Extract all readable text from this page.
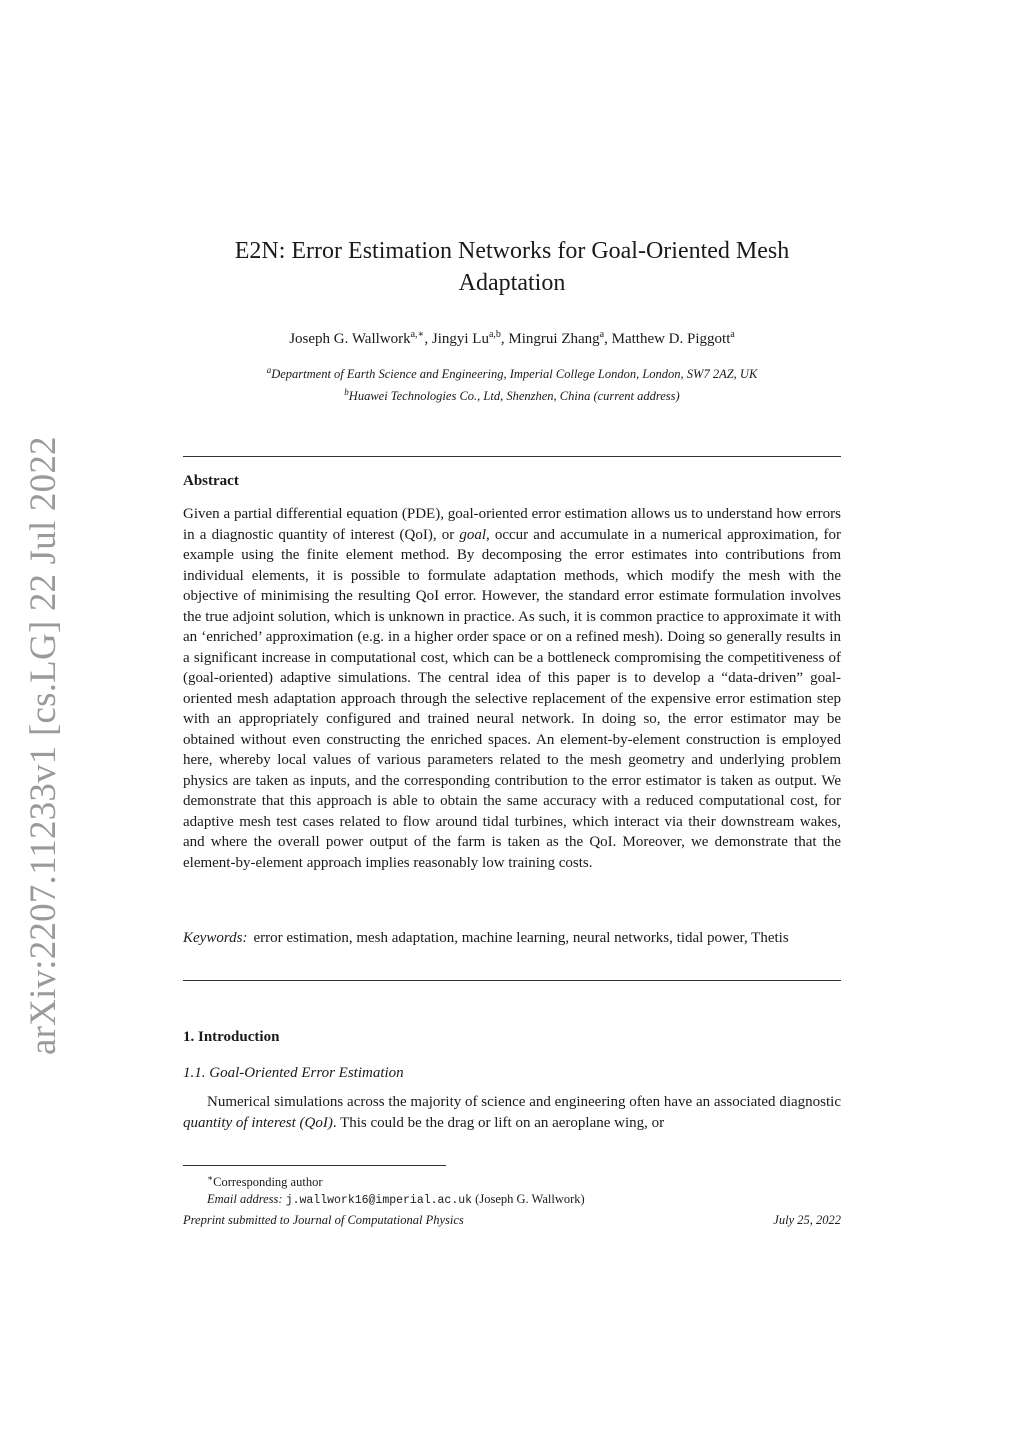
arXiv:2207.11233v1 [cs.LG] 22 Jul 2022
E2N: Error Estimation Networks for Goal-Oriented Mesh Adaptation
Joseph G. Wallwork$^{a,∗}$, Jingyi Lu$^{a,b}$, Mingrui Zhang$^a$, Matthew D. Piggott$^a$
$^a$Department of Earth Science and Engineering, Imperial College London, London, SW7 2AZ, UK
$^b$Huawei Technologies Co., Ltd, Shenzhen, China (current address)
Abstract
Given a partial differential equation (PDE), goal-oriented error estimation allows us to understand how errors in a diagnostic quantity of interest (QoI), or goal, occur and accumulate in a numerical approximation, for example using the finite element method. By decomposing the error estimates into contributions from individual elements, it is possible to formulate adaptation methods, which modify the mesh with the objective of minimising the resulting QoI error. However, the standard error estimate formulation involves the true adjoint solution, which is unknown in practice. As such, it is common practice to approximate it with an ‘enriched’ approximation (e.g. in a higher order space or on a refined mesh). Doing so generally results in a significant increase in computational cost, which can be a bottleneck compromising the competitiveness of (goal-oriented) adaptive simulations. The central idea of this paper is to develop a “data-driven” goal-oriented mesh adaptation approach through the selective replacement of the expensive error estimation step with an appropriately configured and trained neural network. In doing so, the error estimator may be obtained without even constructing the enriched spaces. An element-by-element construction is employed here, whereby local values of various parameters related to the mesh geometry and underlying problem physics are taken as inputs, and the corresponding contribution to the error estimator is taken as output. We demonstrate that this approach is able to obtain the same accuracy with a reduced computational cost, for adaptive mesh test cases related to flow around tidal turbines, which interact via their downstream wakes, and where the overall power output of the farm is taken as the QoI. Moreover, we demonstrate that the element-by-element approach implies reasonably low training costs.
Keywords: error estimation, mesh adaptation, machine learning, neural networks, tidal power, Thetis
1. Introduction
1.1. Goal-Oriented Error Estimation
Numerical simulations across the majority of science and engineering often have an associated diagnostic quantity of interest (QoI). This could be the drag or lift on an aeroplane wing, or
∗Corresponding author
Email address: j.wallwork16@imperial.ac.uk (Joseph G. Wallwork)
Preprint submitted to Journal of Computational Physics	July 25, 2022
